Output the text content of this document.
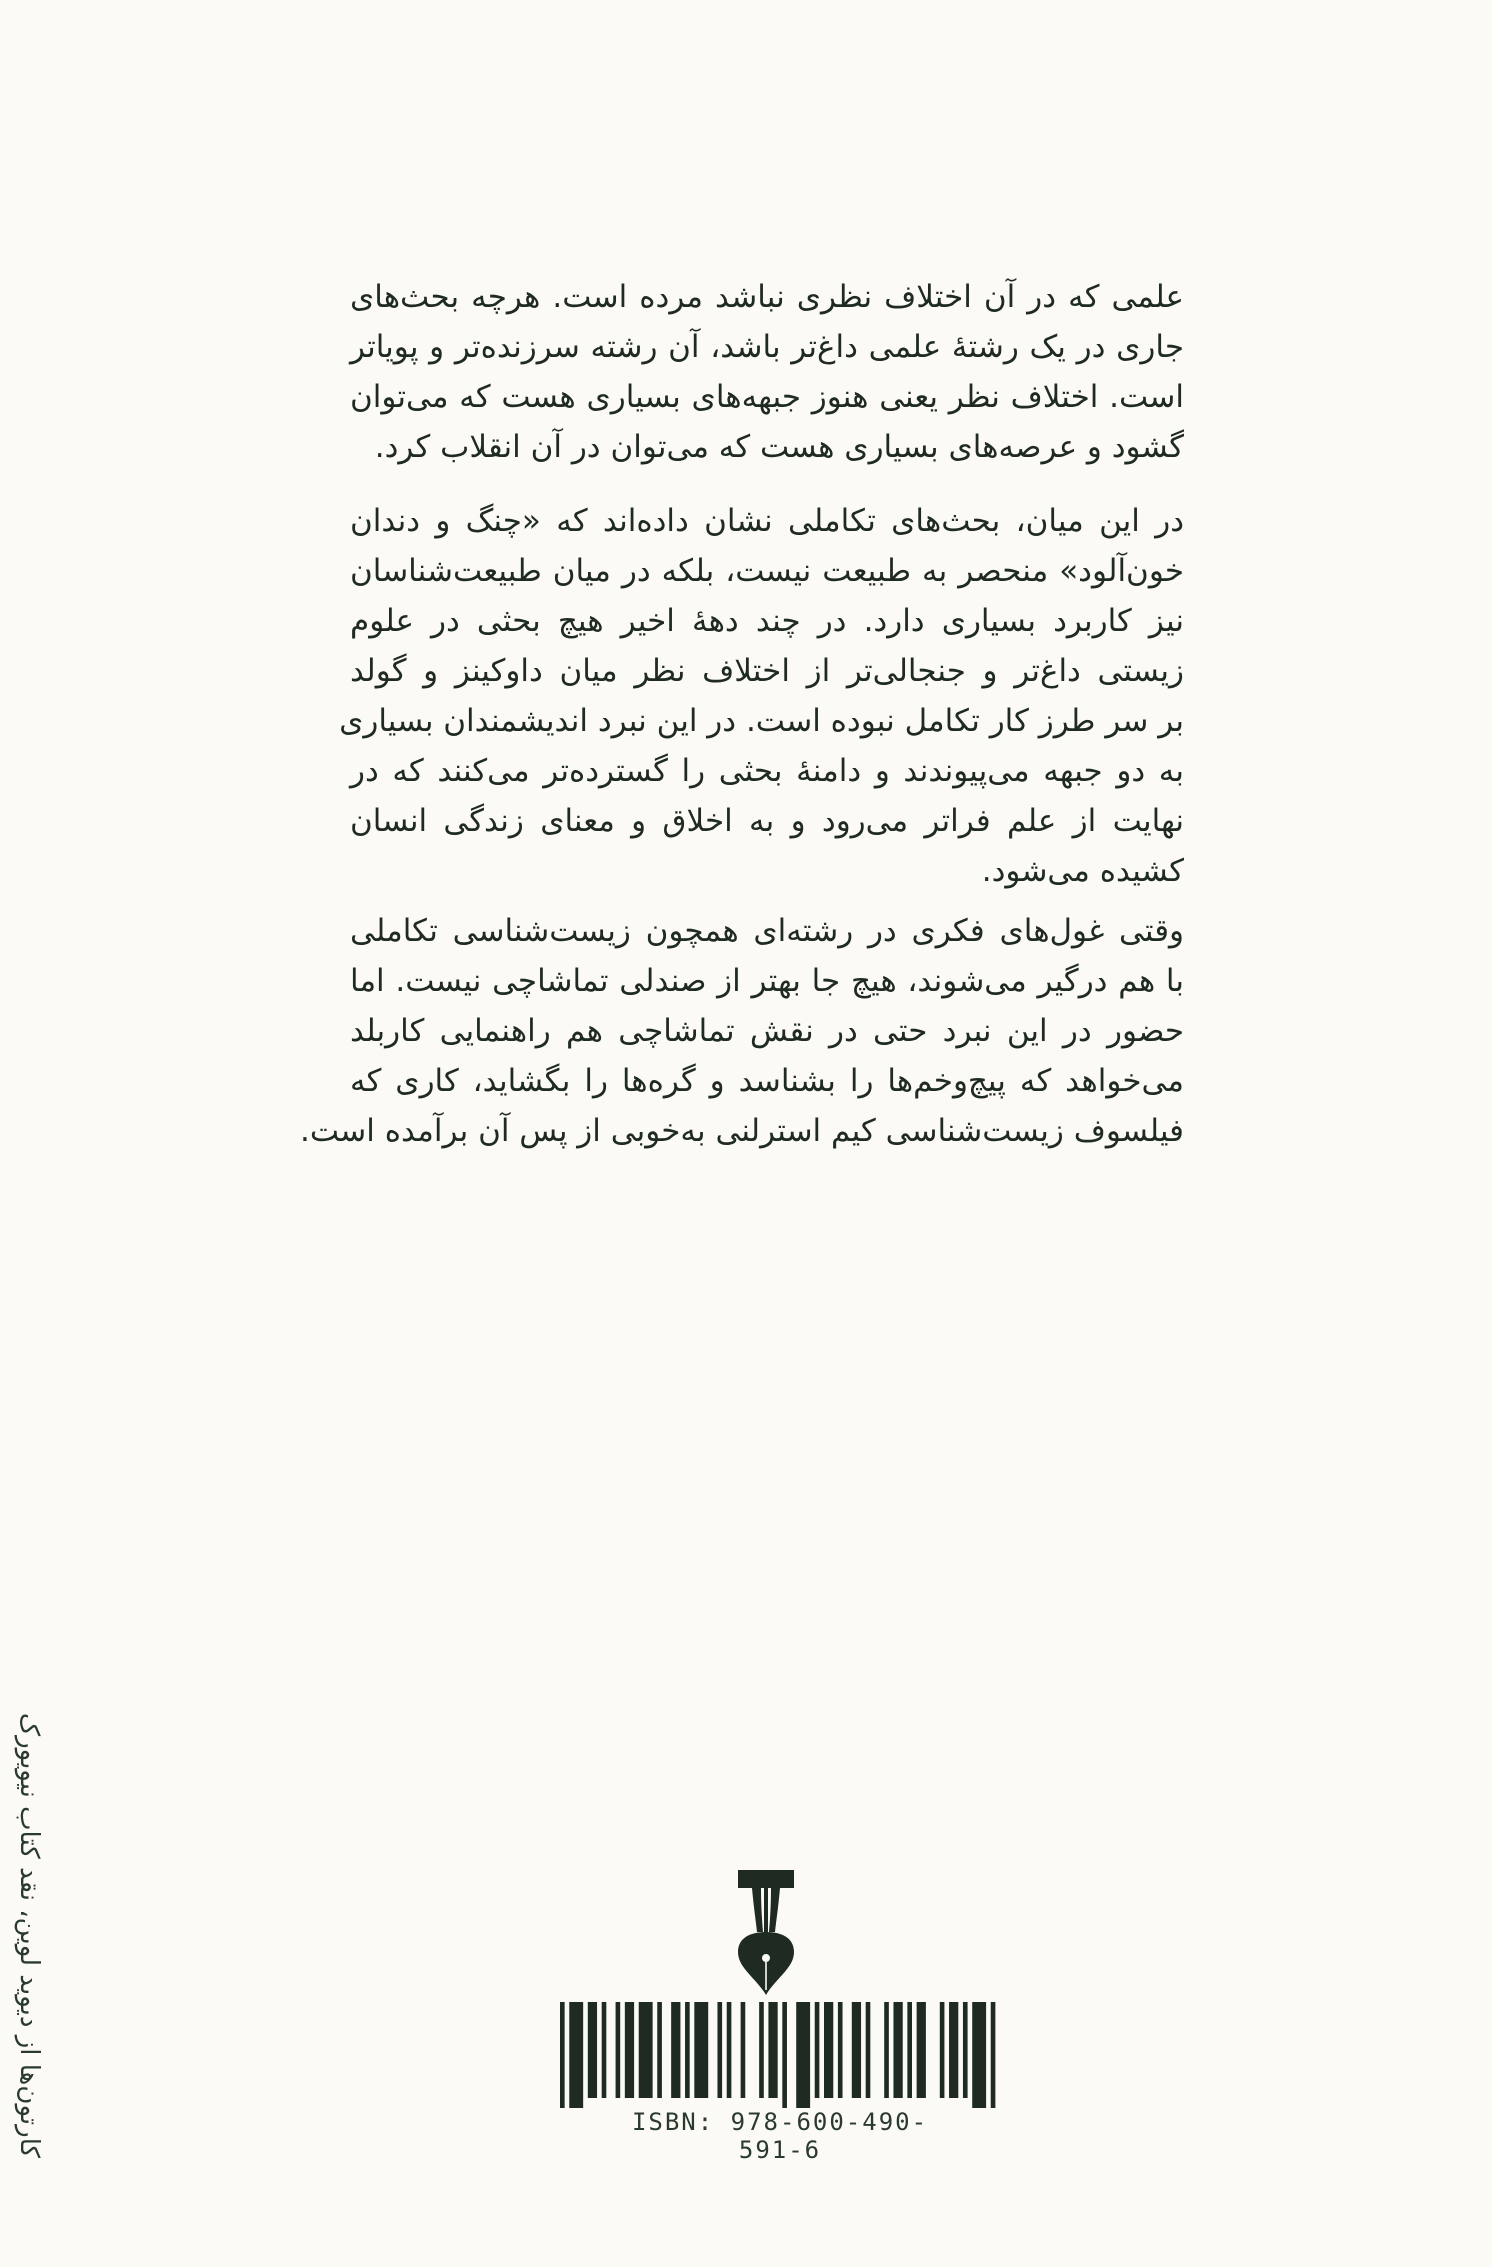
علمی که در آن اختلاف نظری نباشد مرده است. هرچه بحث‌های
جاری در یک رشتهٔ علمی داغ‌تر باشد، آن رشته سرزنده‌تر و پویاتر
است. اختلاف نظر یعنی هنوز جبهه‌های بسیاری هست که می‌توان
گشود و عرصه‌های بسیاری هست که می‌توان در آن انقلاب کرد.
در این میان، بحث‌های تکاملی نشان داده‌اند که «چنگ و دندان
خون‌آلود» منحصر به طبیعت نیست، بلکه در میان طبیعت‌شناسان
نیز کاربرد بسیاری دارد. در چند دههٔ اخیر هیچ بحثی در علوم
زیستی داغ‌تر و جنجالی‌تر از اختلاف نظر میان داوکینز و گولد
بر سر طرز کار تکامل نبوده است. در این نبرد اندیشمندان بسیاری
به دو جبهه می‌پیوندند و دامنهٔ بحثی را گسترده‌تر می‌کنند که در
نهایت از علم فراتر می‌رود و به اخلاق و معنای زندگی انسان
کشیده می‌شود.
وقتی غول‌های فکری در رشته‌ای همچون زیست‌شناسی تکاملی
با هم درگیر می‌شوند، هیچ جا بهتر از صندلی تماشاچی نیست. اما
حضور در این نبرد حتی در نقش تماشاچی هم راهنمایی کاربلد
می‌خواهد که پیچ‌وخم‌ها را بشناسد و گره‌ها را بگشاید، کاری که
فیلسوف زیست‌شناسی کیم استرلنی به‌خوبی از پس آن برآمده است.
کارتون‌ها از دیوید لوین، نقد کتاب نیویورک	ISBN: 978-600-490-591-6
